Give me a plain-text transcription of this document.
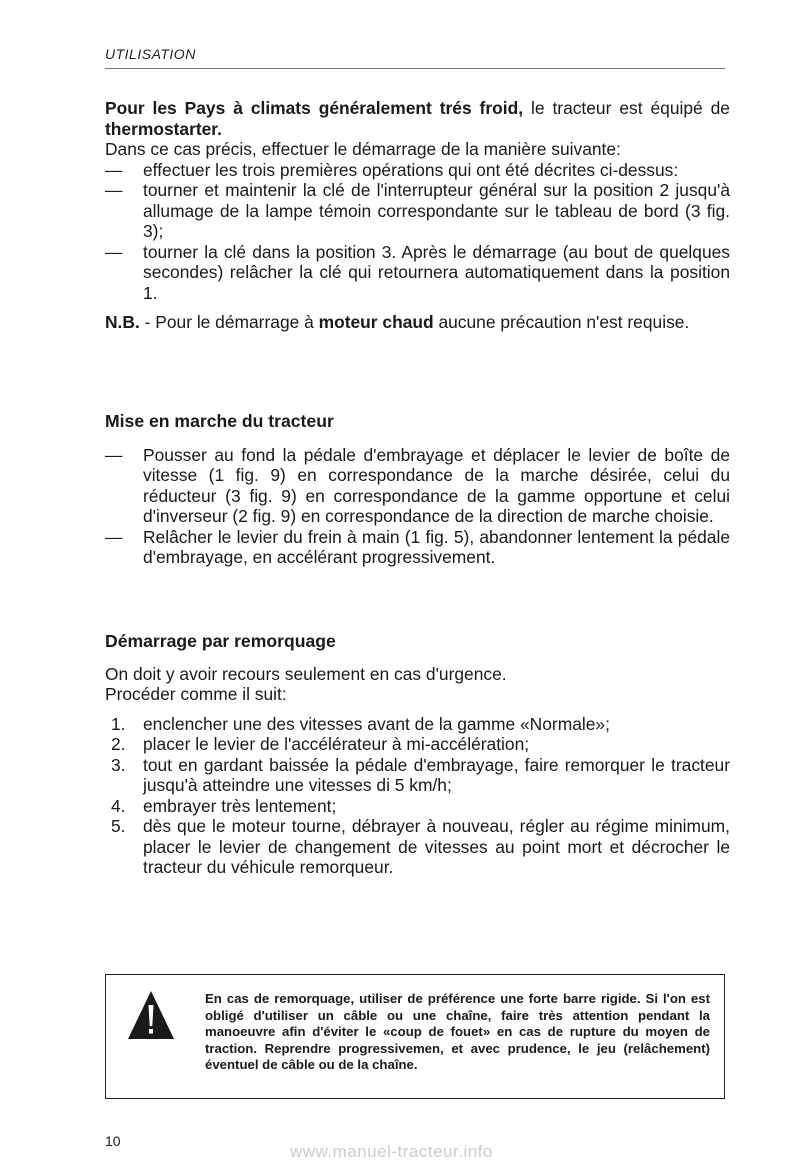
UTILISATION

Pour les Pays à climats généralement trés froid, le tracteur est équipé de thermostarter.

Dans ce cas précis, effectuer le démarrage de la manière suivante:

— effectuer les trois premières opérations qui ont été décrites ci-dessus:
— tourner et maintenir la clé de l'interrupteur général sur la position 2 jusqu'à allumage de la lampe témoin correspondante sur le tableau de bord (3 fig. 3);
— tourner la clé dans la position 3. Après le démarrage (au bout de quelques secondes) relâcher la clé qui retournera automatiquement dans la position 1.

N.B. - Pour le démarrage à moteur chaud aucune précaution n'est requise.

Mise en marche du tracteur
— Pousser au fond la pédale d'embrayage et déplacer le levier de boîte de vitesse (1 fig. 9) en correspondance de la marche désirée, celui du réducteur (3 fig. 9) en correspondance de la gamme opportune et celui d'inverseur (2 fig. 9) en correspondance de la direction de marche choisie.
— Relâcher le levier du frein à main (1 fig. 5), abandonner lentement la pédale d'embrayage, en accélérant progressivement.
Démarrage par remorquage

On doit y avoir recours seulement en cas d'urgence.

Procéder comme il suit:

1. enclencher une des vitesses avant de la gamme «Normale»;
2. placer le levier de l'accélérateur à mi-accélération;
3. tout en gardant baissée la pédale d'embrayage, faire remorquer le tracteur jusqu'à atteindre une vitesses di 5 km/h;
4. embrayer très lentement;
5. dès que le moteur tourne, débrayer à nouveau, régler au régime minimum, placer le levier de changement de vitesses au point mort et décrocher le tracteur du véhicule remorqueur.
En cas de remorquage, utiliser de préférence une forte barre rigide. Si l'on est obligé d'utiliser un câble ou une chaîne, faire très attention pendant la manoeuvre afin d'éviter le «coup de fouet» en cas de rupture du moyen de traction. Reprendre progressivemen, et avec prudence, le jeu (relâchement) éventuel de câble ou de la chaîne.
10
www.manuel-tracteur.info
